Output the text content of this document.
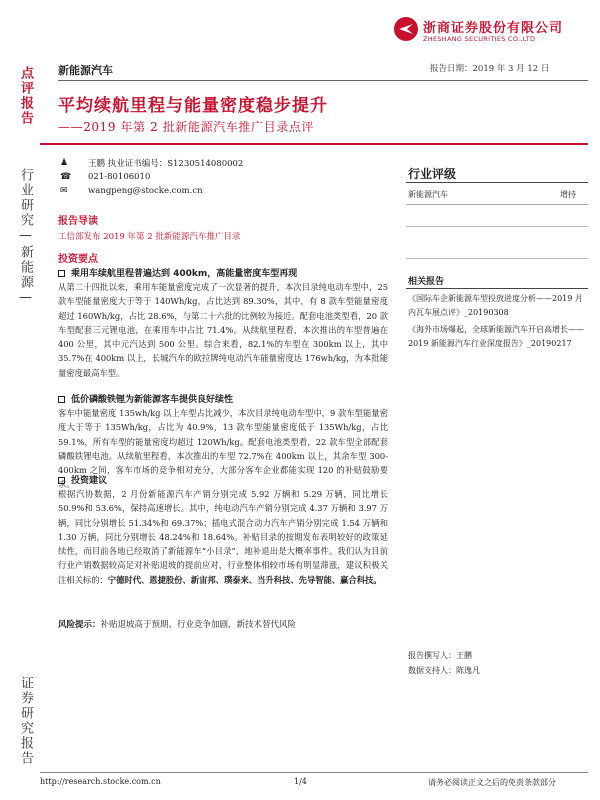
浙商证券股份有限公司
ZHESHANG SECURITIES CO.,LTD
点评报告
行业研究—新能源—
证券研究报告
新能源汽车	报告日期：2019 年 3 月 12 日
平均续航里程与能量密度稳步提升
——2019 年第 2 批新能源汽车推广目录点评
♟	王鹏 执业证书编号：S1230514080002
☎	021-80106010
✉	wangpeng@stocke.com.cn
行业评级
新能源汽车	增持
报告导读
工信部发布 2019 年第 2 批新能源汽车推广目录
投资要点
乘用车续航里程普遍达到 400km，高能量密度车型再现
从第二十四批以来，乘用车能量密度完成了一次显著的提升，本次目录纯电动车型中，25 款车型能量密度大于等于 140Wh/kg，占比达到 89.30%，其中，有 8 款车型能量密度超过 160Wh/kg，占比 28.6%，与第二十六批的比例较为接近。配套电池类型看，20 款车型配套三元锂电池，在乘用车中占比 71.4%。从续航里程看，本次推出的车型普遍在 400 公里，其中元汽达到 500 公里。综合来看，82.1%的车型在 300km 以上，其中 35.7%在 400km 以上，长城汽车的欧拉牌纯电动汽车能量密度达 176wh/kg，为本批能量密度最高车型。
低价磷酸铁锂为新能源客车提供良好续性
客车中能量密度 135wh/kg 以上车型占比减少，本次目录纯电动车型中，9 款车型能量密度大于等于 135Wh/kg，占比为 40.9%，13 款车型能量密度低于 135Wh/kg，占比 59.1%，所有车型的能量密度均超过 120Wh/kg。配套电池类型看，22 款车型全部配套磷酸铁锂电池。从续航里程看，本次推出的车型 72.7%在 400km 以上，其余车型 300-400km 之间，客车市场的竞争相对充分，大部分客车企业都能实现 120 的补贴鼓励要求。
投资建议
根据汽协数据，2 月份新能源汽车产销分别完成 5.92 万辆和 5.29 万辆，同比增长 50.9%和 53.6%，保持高速增长。其中，纯电动汽车产销分别完成 4.37 万辆和 3.97 万辆，同比分别增长 51.34%和 69.37%；插电式混合动力汽车产销分别完成 1.54 万辆和 1.30 万辆，同比分别增长 48.24%和 18.64%。补贴目录的按期发布表明较好的政策延续性，而目前各地已经取消了新能源车“小目录”，地补退出是大概率事件。我们认为目前行业产销数据较高足对补贴退坡的提前应对，行业整体相较市场有明显滞涨，建议积极关注相关标的：宁德时代、恩捷股份、新宙邦、璞泰来、当升科技、先导智能、赢合科技。
风险提示：补贴退坡高于预期、行业竞争加剧，新技术替代风险
相关报告
《国际车企新能源车型投放进度分析——2019 月内瓦车展点评》_20190308
《海外市场爆起，全球新能源汽车开启高增长——2019 新能源汽车行业深度报告》_20190217
报告撰写人：王鹏
数据支持人：陈逸凡
http://research.stocke.com.cn	1/4	请务必阅读正文之后的免责条款部分
